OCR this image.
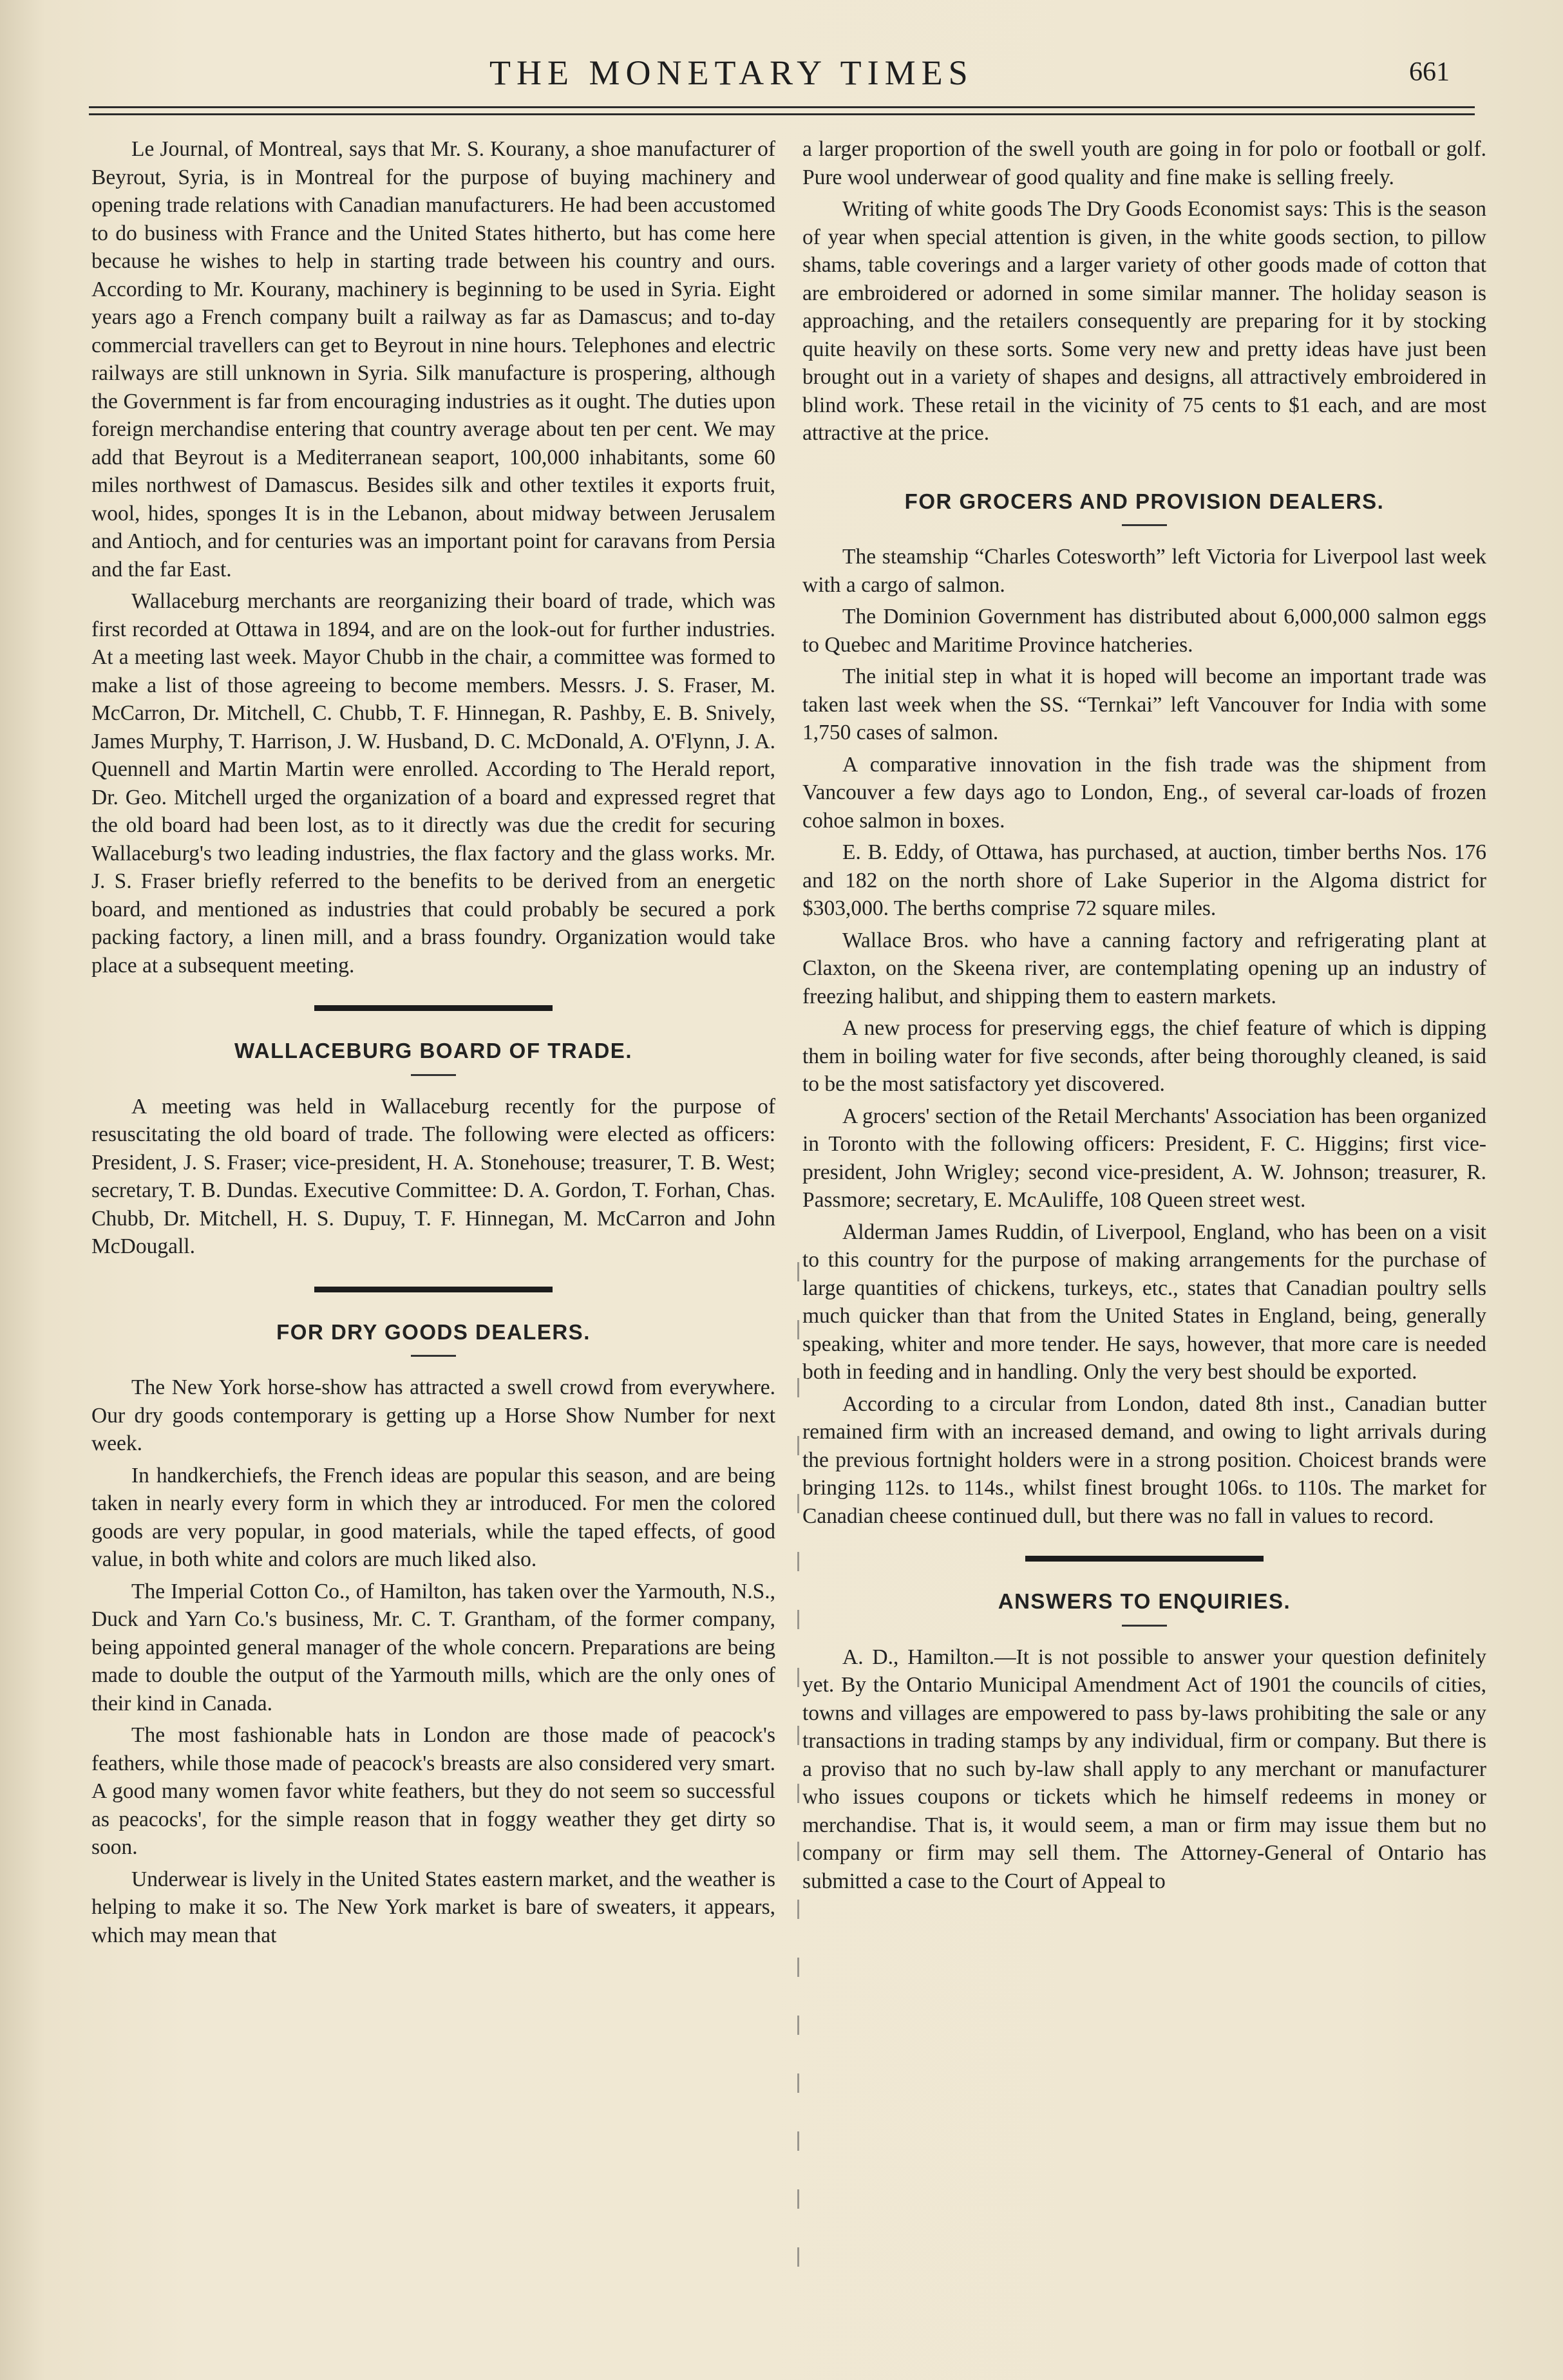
THE MONETARY TIMES	661

Le Journal, of Montreal, says that Mr. S. Kourany, a shoe manufacturer of Beyrout, Syria, is in Montreal for the purpose of buying machinery and opening trade relations with Canadian manufacturers. He had been accustomed to do business with France and the United States hitherto, but has come here because he wishes to help in starting trade between his country and ours. According to Mr. Kourany, machinery is beginning to be used in Syria. Eight years ago a French company built a railway as far as Damascus; and to-day commercial travellers can get to Beyrout in nine hours. Telephones and electric railways are still unknown in Syria. Silk manufacture is prospering, although the Government is far from encouraging industries as it ought. The duties upon foreign merchandise entering that country average about ten per cent. We may add that Beyrout is a Mediterranean seaport, 100,000 inhabitants, some 60 miles northwest of Damascus. Besides silk and other textiles it exports fruit, wool, hides, sponges It is in the Lebanon, about midway between Jerusalem and Antioch, and for centuries was an important point for caravans from Persia and the far East.

Wallaceburg merchants are reorganizing their board of trade, which was first recorded at Ottawa in 1894, and are on the look-out for further industries. At a meeting last week. Mayor Chubb in the chair, a committee was formed to make a list of those agreeing to become members. Messrs. J. S. Fraser, M. McCarron, Dr. Mitchell, C. Chubb, T. F. Hinnegan, R. Pashby, E. B. Snively, James Murphy, T. Harrison, J. W. Husband, D. C. McDonald, A. O'Flynn, J. A. Quennell and Martin Martin were enrolled. According to The Herald report, Dr. Geo. Mitchell urged the organization of a board and expressed regret that the old board had been lost, as to it directly was due the credit for securing Wallaceburg's two leading industries, the flax factory and the glass works. Mr. J. S. Fraser briefly referred to the benefits to be derived from an energetic board, and mentioned as industries that could probably be secured a pork packing factory, a linen mill, and a brass foundry. Organization would take place at a subsequent meeting.

WALLACEBURG BOARD OF TRADE.

A meeting was held in Wallaceburg recently for the purpose of resuscitating the old board of trade. The following were elected as officers: President, J. S. Fraser; vice-president, H. A. Stonehouse; treasurer, T. B. West; secretary, T. B. Dundas. Executive Committee: D. A. Gordon, T. Forhan, Chas. Chubb, Dr. Mitchell, H. S. Dupuy, T. F. Hinnegan, M. McCarron and John McDougall.

FOR DRY GOODS DEALERS.

The New York horse-show has attracted a swell crowd from everywhere. Our dry goods contemporary is getting up a Horse Show Number for next week.

In handkerchiefs, the French ideas are popular this season, and are being taken in nearly every form in which they ar introduced. For men the colored goods are very popular, in good materials, while the taped effects, of good value, in both white and colors are much liked also.

The Imperial Cotton Co., of Hamilton, has taken over the Yarmouth, N.S., Duck and Yarn Co.'s business, Mr. C. T. Grantham, of the former company, being appointed general manager of the whole concern. Preparations are being made to double the output of the Yarmouth mills, which are the only ones of their kind in Canada.

The most fashionable hats in London are those made of peacock's feathers, while those made of peacock's breasts are also considered very smart. A good many women favor white feathers, but they do not seem so successful as peacocks', for the simple reason that in foggy weather they get dirty so soon.

Underwear is lively in the United States eastern market, and the weather is helping to make it so. The New York market is bare of sweaters, it appears, which may mean that

a larger proportion of the swell youth are going in for polo or football or golf. Pure wool underwear of good quality and fine make is selling freely.

Writing of white goods The Dry Goods Economist says: This is the season of year when special attention is given, in the white goods section, to pillow shams, table coverings and a larger variety of other goods made of cotton that are embroidered or adorned in some similar manner. The holiday season is approaching, and the retailers consequently are preparing for it by stocking quite heavily on these sorts. Some very new and pretty ideas have just been brought out in a variety of shapes and designs, all attractively embroidered in blind work. These retail in the vicinity of 75 cents to $1 each, and are most attractive at the price.

FOR GROCERS AND PROVISION DEALERS.

The steamship “Charles Cotesworth” left Victoria for Liverpool last week with a cargo of salmon.

The Dominion Government has distributed about 6,000,000 salmon eggs to Quebec and Maritime Province hatcheries.

The initial step in what it is hoped will become an important trade was taken last week when the SS. “Ternkai” left Vancouver for India with some 1,750 cases of salmon.

A comparative innovation in the fish trade was the shipment from Vancouver a few days ago to London, Eng., of several car-loads of frozen cohoe salmon in boxes.

E. B. Eddy, of Ottawa, has purchased, at auction, timber berths Nos. 176 and 182 on the north shore of Lake Superior in the Algoma district for $303,000. The berths comprise 72 square miles.

Wallace Bros. who have a canning factory and refrigerating plant at Claxton, on the Skeena river, are contemplating opening up an industry of freezing halibut, and shipping them to eastern markets.

A new process for preserving eggs, the chief feature of which is dipping them in boiling water for five seconds, after being thoroughly cleaned, is said to be the most satisfactory yet discovered.

A grocers' section of the Retail Merchants' Association has been organized in Toronto with the following officers: President, F. C. Higgins; first vice-president, John Wrigley; second vice-president, A. W. Johnson; treasurer, R. Passmore; secretary, E. McAuliffe, 108 Queen street west.

Alderman James Ruddin, of Liverpool, England, who has been on a visit to this country for the purpose of making arrangements for the purchase of large quantities of chickens, turkeys, etc., states that Canadian poultry sells much quicker than that from the United States in England, being, generally speaking, whiter and more tender. He says, however, that more care is needed both in feeding and in handling. Only the very best should be exported.

According to a circular from London, dated 8th inst., Canadian butter remained firm with an increased demand, and owing to light arrivals during the previous fortnight holders were in a strong position. Choicest brands were bringing 112s. to 114s., whilst finest brought 106s. to 110s. The market for Canadian cheese continued dull, but there was no fall in values to record.

ANSWERS TO ENQUIRIES.

A. D., Hamilton.—It is not possible to answer your question definitely yet. By the Ontario Municipal Amendment Act of 1901 the councils of cities, towns and villages are empowered to pass by-laws prohibiting the sale or any transactions in trading stamps by any individual, firm or company. But there is a proviso that no such by-law shall apply to any merchant or manufacturer who issues coupons or tickets which he himself redeems in money or merchandise. That is, it would seem, a man or firm may issue them but no company or firm may sell them. The Attorney-General of Ontario has submitted a case to the Court of Appeal to
